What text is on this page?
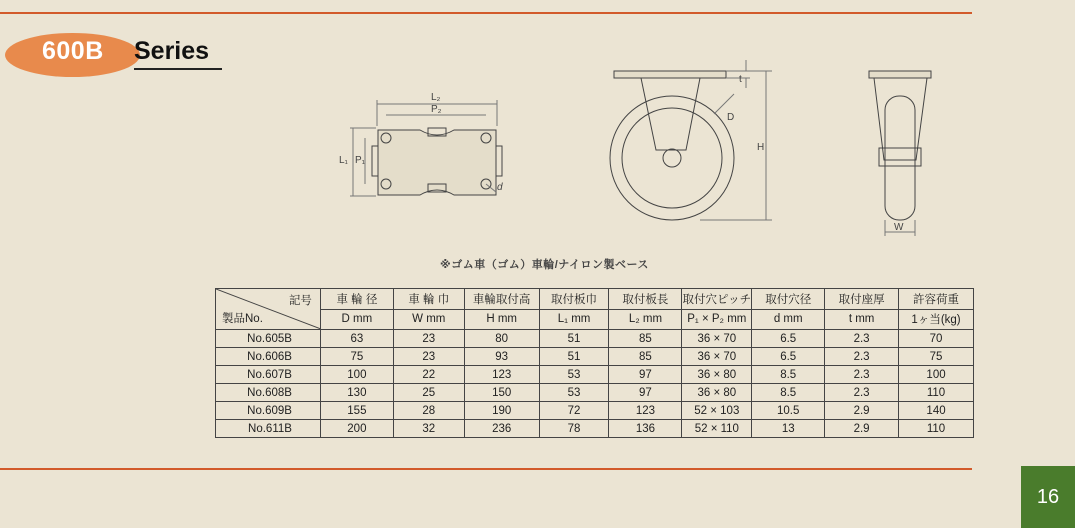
600B Series
L₂
P₂
L₁ P₁
d
t
D
H
W
※ゴム車（ゴム）車輪/ナイロン製ベース
記号
製品No.	車 輪 径	車 輪 巾	車輪取付高	取付板巾	取付板長	取付穴ピッチ	取付穴径	取付座厚	許容荷重
	D mm	W mm	H mm	L₁ mm	L₂ mm	P₁ × P₂ mm	d mm	t mm	1ヶ当(kg)
No.605B	63	23	80	51	85	36 × 70	6.5	2.3	70
No.606B	75	23	93	51	85	36 × 70	6.5	2.3	75
No.607B	100	22	123	53	97	36 × 80	8.5	2.3	100
No.608B	130	25	150	53	97	36 × 80	8.5	2.3	110
No.609B	155	28	190	72	123	52 × 103	10.5	2.9	140
No.611B	200	32	236	78	136	52 × 110	13	2.9	110
16
